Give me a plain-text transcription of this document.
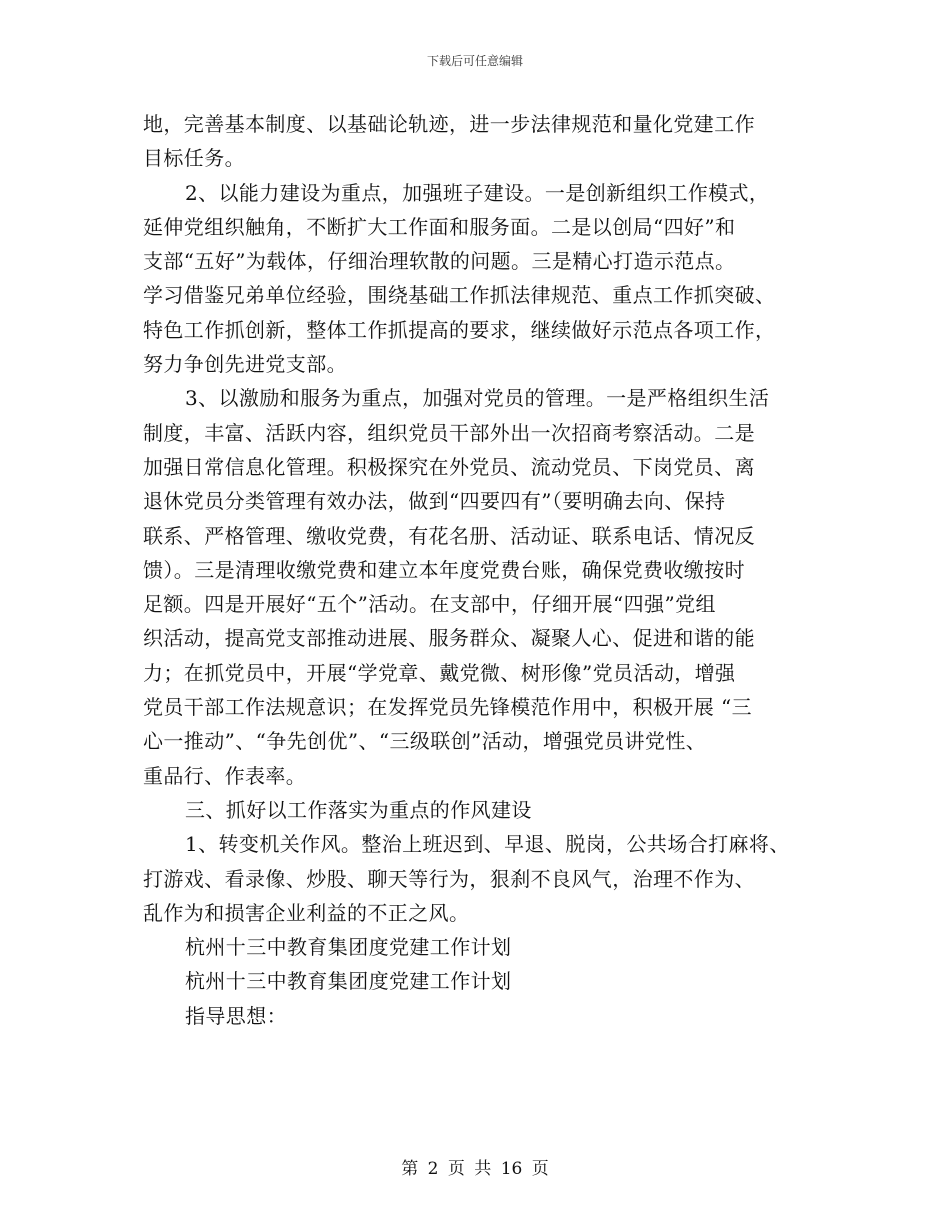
下载后可任意编辑
地，完善基本制度、以基础论轨迹，进一步法律规范和量化党建工作
目标任务。
2、以能力建设为重点，加强班子建设。一是创新组织工作模式，
延伸党组织触角，不断扩大工作面和服务面。二是以创局“四好”和
支部“五好”为载体，仔细治理软散的问题。三是精心打造示范点。
学习借鉴兄弟单位经验，围绕基础工作抓法律规范、重点工作抓突破、
特色工作抓创新，整体工作抓提高的要求，继续做好示范点各项工作，
努力争创先进党支部。
3、以激励和服务为重点，加强对党员的管理。一是严格组织生活
制度，丰富、活跃内容，组织党员干部外出一次招商考察活动。二是
加强日常信息化管理。积极探究在外党员、流动党员、下岗党员、离
退休党员分类管理有效办法，做到“四要四有”（要明确去向、保持
联系、严格管理、缴收党费，有花名册、活动证、联系电话、情况反
馈）。三是清理收缴党费和建立本年度党费台账，确保党费收缴按时
足额。四是开展好“五个”活动。在支部中，仔细开展“四强”党组
织活动，提高党支部推动进展、服务群众、凝聚人心、促进和谐的能
力；在抓党员中，开展“学党章、戴党微、树形像”党员活动，增强
党员干部工作法规意识；在发挥党员先锋模范作用中，积极开展 “三
心一推动”、“争先创优”、“三级联创”活动，增强党员讲党性、
重品行、作表率。
三、抓好以工作落实为重点的作风建设
1、转变机关作风。整治上班迟到、早退、脱岗，公共场合打麻将、
打游戏、看录像、炒股、聊天等行为，狠刹不良风气，治理不作为、
乱作为和损害企业利益的不正之风。
杭州十三中教育集团度党建工作计划
杭州十三中教育集团度党建工作计划
指导思想：
第 2 页 共 16 页
